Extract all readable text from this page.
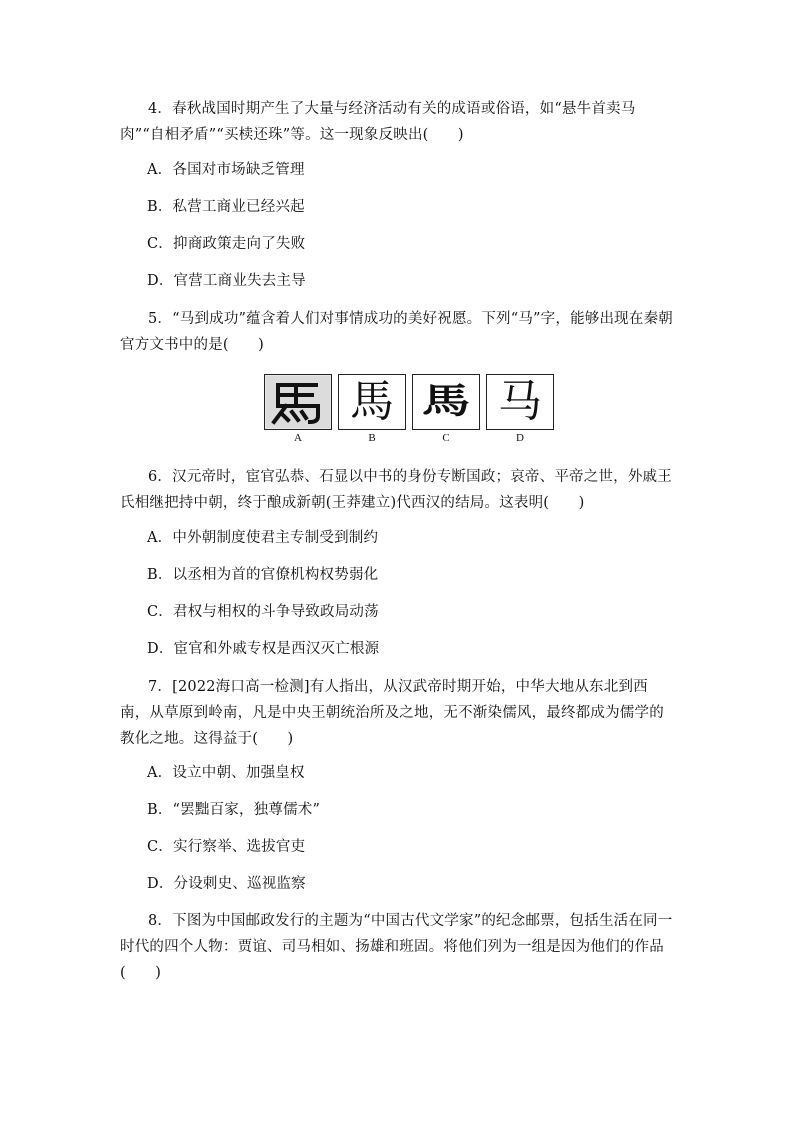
4．春秋战国时期产生了大量与经济活动有关的成语或俗语，如“悬牛首卖马肉”“自相矛盾”“买椟还珠”等。这一现象反映出(　　)

A．各国对市场缺乏管理

B．私营工商业已经兴起

C．抑商政策走向了失败

D．官营工商业失去主导

5．“马到成功”蕴含着人们对事情成功的美好祝愿。下列“马”字，能够出现在秦朝官方文书中的是(　　)

A
馬
B
馬
C
马
D

6．汉元帝时，宦官弘恭、石显以中书的身份专断国政；哀帝、平帝之世，外戚王氏相继把持中朝，终于酿成新朝(王莽建立)代西汉的结局。这表明(　　)

A．中外朝制度使君主专制受到制约

B．以丞相为首的官僚机构权势弱化

C．君权与相权的斗争导致政局动荡

D．宦官和外戚专权是西汉灭亡根源

7．[2022海口高一检测]有人指出，从汉武帝时期开始，中华大地从东北到西南，从草原到岭南，凡是中央王朝统治所及之地，无不渐染儒风，最终都成为儒学的教化之地。这得益于(　　)

A．设立中朝、加强皇权

B．“罢黜百家，独尊儒术”

C．实行察举、选拔官吏

D．分设刺史、巡视监察

8．下图为中国邮政发行的主题为“中国古代文学家”的纪念邮票，包括生活在同一时代的四个人物：贾谊、司马相如、扬雄和班固。将他们列为一组是因为他们的作品(　　)
